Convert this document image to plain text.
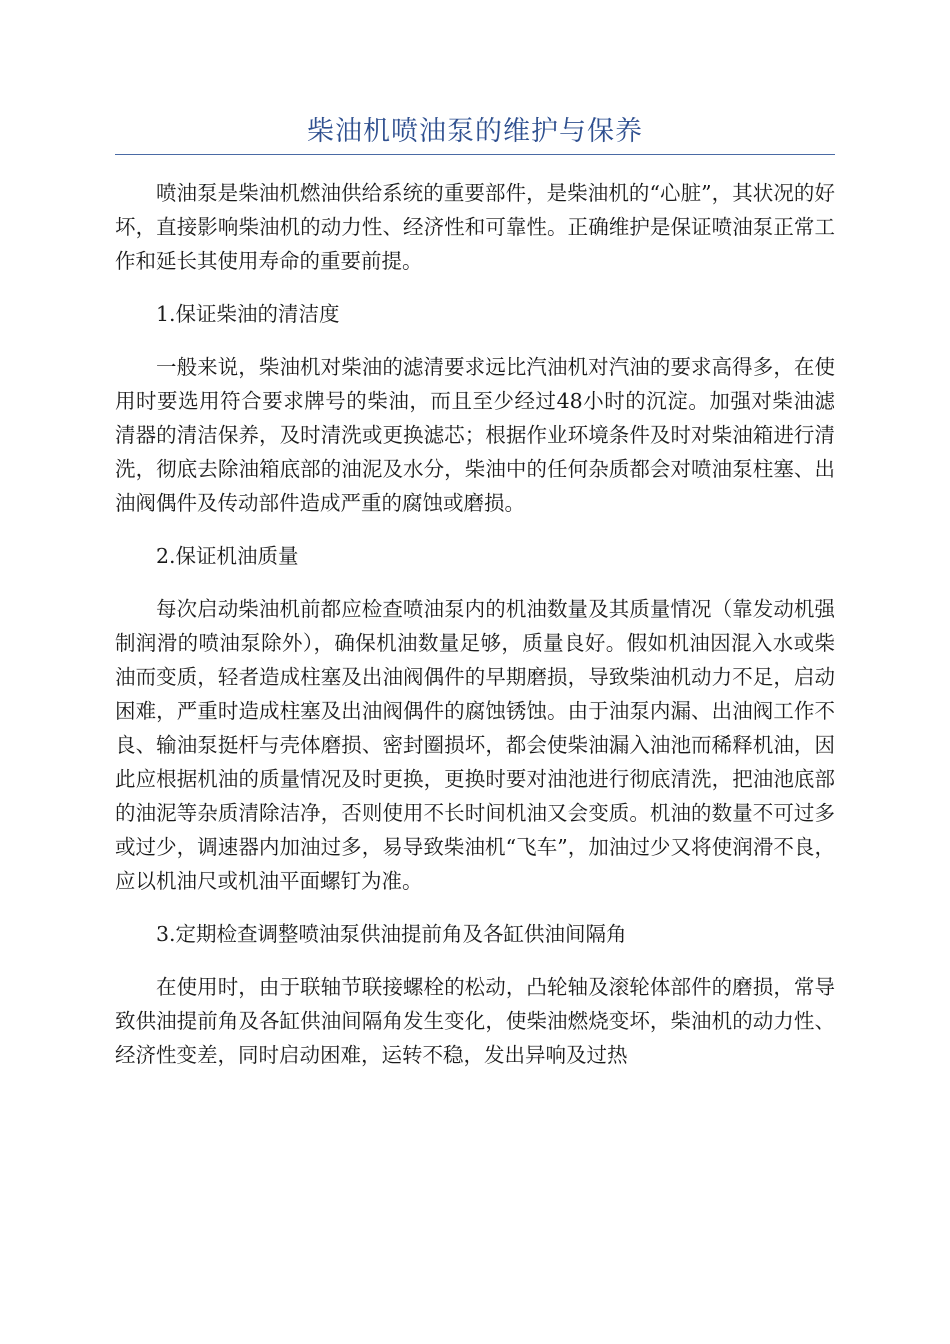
柴油机喷油泵的维护与保养

喷油泵是柴油机燃油供给系统的重要部件，是柴油机的“心脏”，其状况的好坏，直接影响柴油机的动力性、经济性和可靠性。正确维护是保证喷油泵正常工作和延长其使用寿命的重要前提。

1.保证柴油的清洁度

一般来说，柴油机对柴油的滤清要求远比汽油机对汽油的要求高得多，在使用时要选用符合要求牌号的柴油，而且至少经过48小时的沉淀。加强对柴油滤清器的清洁保养，及时清洗或更换滤芯；根据作业环境条件及时对柴油箱进行清洗，彻底去除油箱底部的油泥及水分，柴油中的任何杂质都会对喷油泵柱塞、出油阀偶件及传动部件造成严重的腐蚀或磨损。

2.保证机油质量

每次启动柴油机前都应检查喷油泵内的机油数量及其质量情况（靠发动机强制润滑的喷油泵除外），确保机油数量足够，质量良好。假如机油因混入水或柴油而变质，轻者造成柱塞及出油阀偶件的早期磨损，导致柴油机动力不足，启动困难，严重时造成柱塞及出油阀偶件的腐蚀锈蚀。由于油泵内漏、出油阀工作不良、输油泵挺杆与壳体磨损、密封圈损坏，都会使柴油漏入油池而稀释机油，因此应根据机油的质量情况及时更换，更换时要对油池进行彻底清洗，把油池底部的油泥等杂质清除洁净，否则使用不长时间机油又会变质。机油的数量不可过多或过少，调速器内加油过多，易导致柴油机“飞车”，加油过少又将使润滑不良，应以机油尺或机油平面螺钉为准。

3.定期检查调整喷油泵供油提前角及各缸供油间隔角

在使用时，由于联轴节联接螺栓的松动，凸轮轴及滚轮体部件的磨损，常导致供油提前角及各缸供油间隔角发生变化，使柴油燃烧变坏，柴油机的动力性、经济性变差，同时启动困难，运转不稳，发出异响及过热
